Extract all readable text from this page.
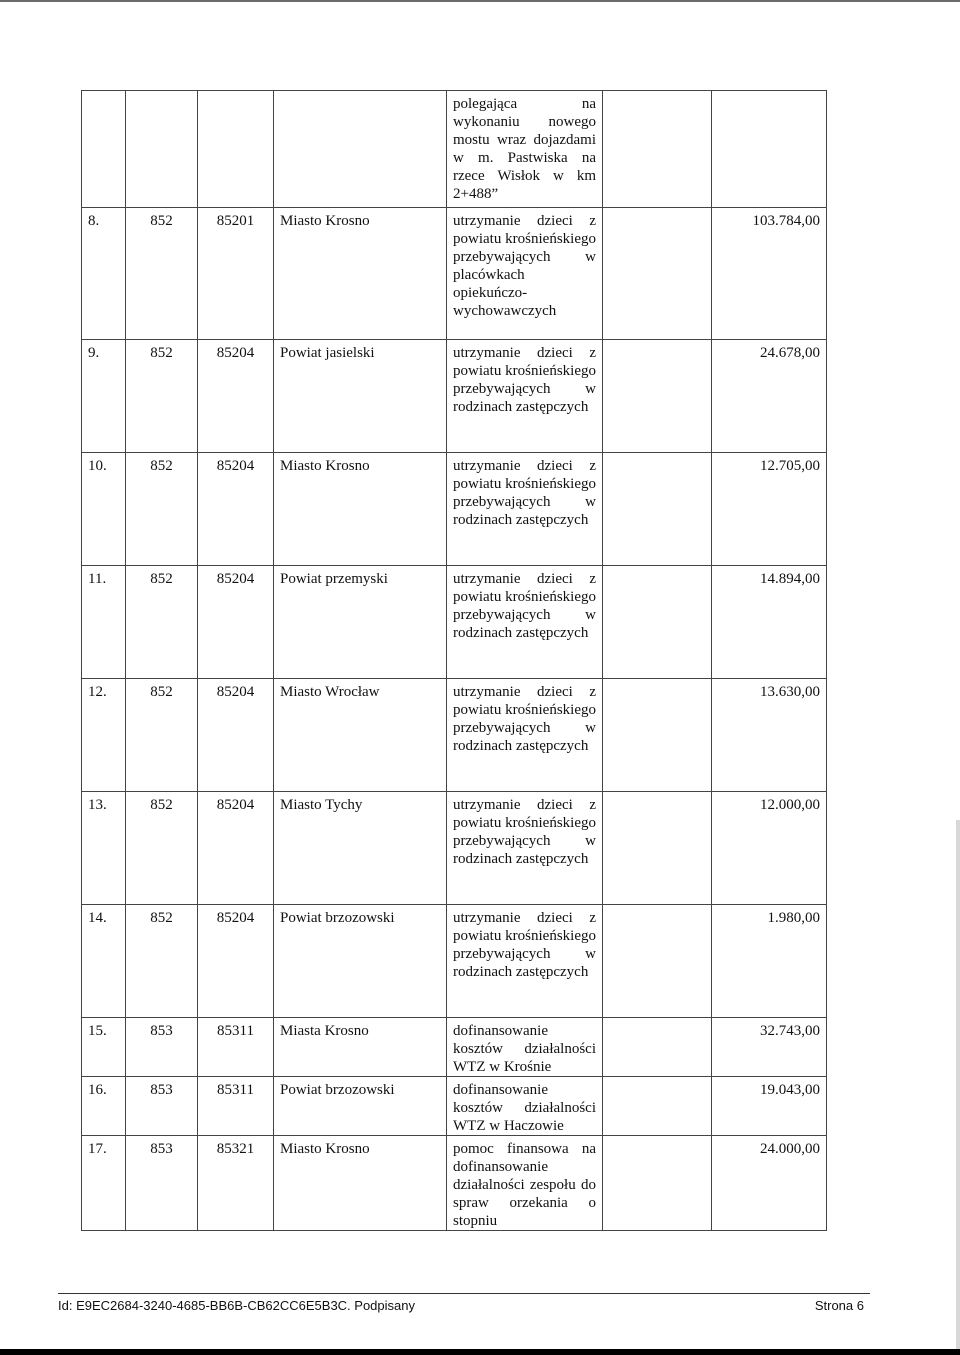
				polegająca na wykonaniu nowego mostu wraz dojazdami w m. Pastwiska na rzece Wisłok w km 2+488”		
8.	852	85201	Miasto Krosno	utrzymanie dzieci z powiatu krośnieńskiego przebywających w placówkach opiekuńczo-wychowawczych		103.784,00
9.	852	85204	Powiat jasielski	utrzymanie dzieci z powiatu krośnieńskiego przebywających w rodzinach zastępczych		24.678,00
10.	852	85204	Miasto Krosno	utrzymanie dzieci z powiatu krośnieńskiego przebywających w rodzinach zastępczych		12.705,00
11.	852	85204	Powiat przemyski	utrzymanie dzieci z powiatu krośnieńskiego przebywających w rodzinach zastępczych		14.894,00
12.	852	85204	Miasto Wrocław	utrzymanie dzieci z powiatu krośnieńskiego przebywających w rodzinach zastępczych		13.630,00
13.	852	85204	Miasto Tychy	utrzymanie dzieci z powiatu krośnieńskiego przebywających w rodzinach zastępczych		12.000,00
14.	852	85204	Powiat brzozowski	utrzymanie dzieci z powiatu krośnieńskiego przebywających w rodzinach zastępczych		1.980,00
15.	853	85311	Miasta Krosno	dofinansowanie kosztów działalności WTZ w Krośnie		32.743,00
16.	853	85311	Powiat brzozowski	dofinansowanie kosztów działalności WTZ w Haczowie		19.043,00
17.	853	85321	Miasto Krosno	pomoc finansowa na dofinansowanie działalności zespołu do spraw orzekania o stopniu		24.000,00
Id: E9EC2684-3240-4685-BB6B-CB62CC6E5B3C. Podpisany	Strona 6
